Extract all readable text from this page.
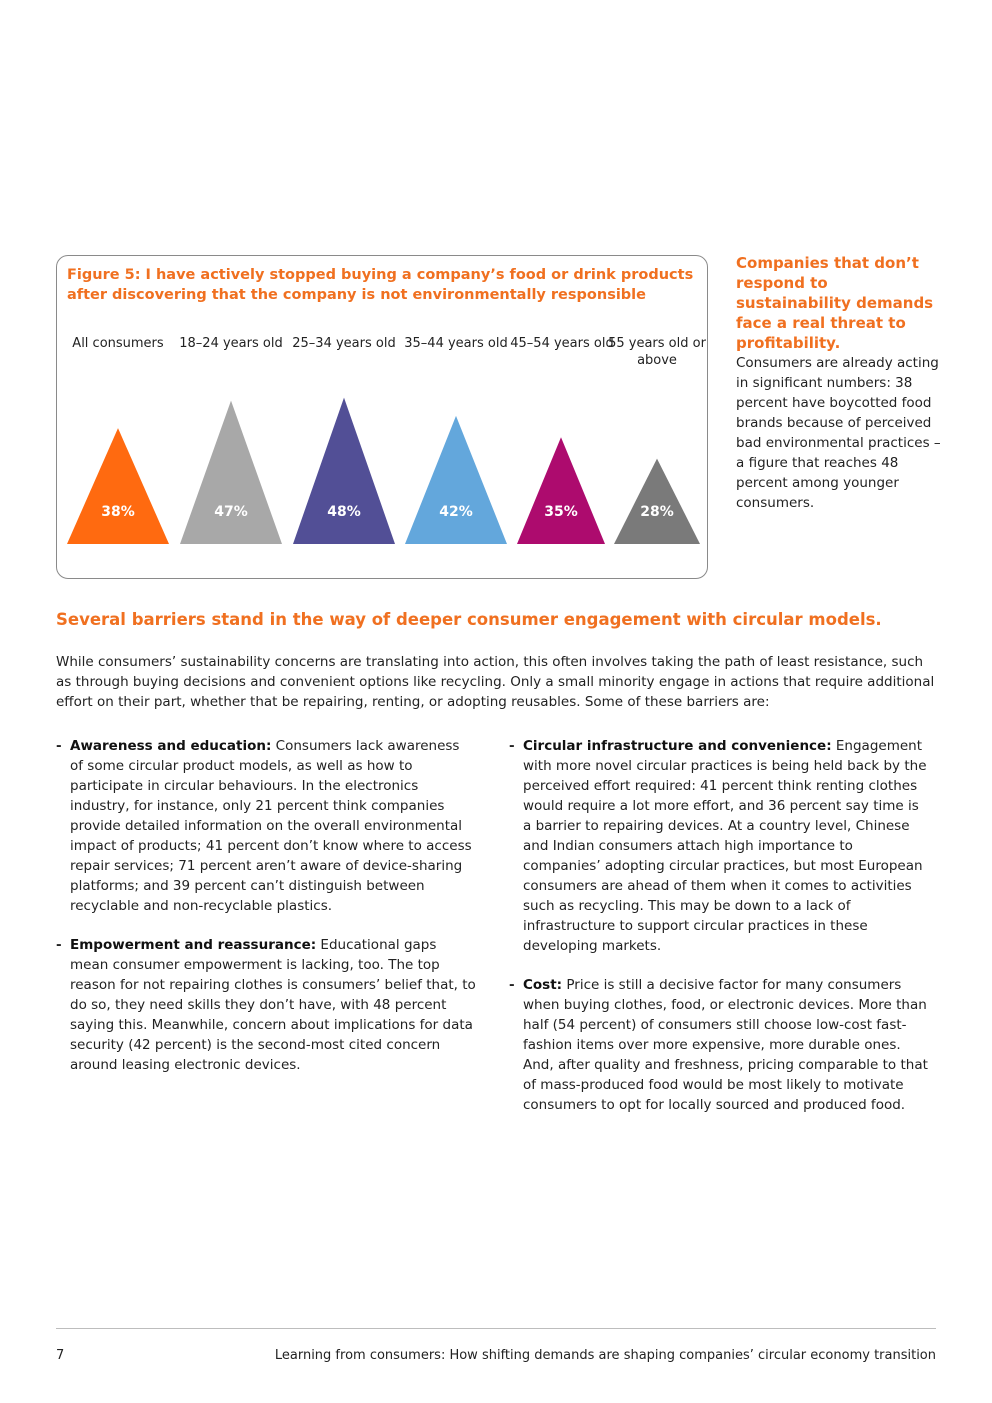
Figure 5: I have actively stopped buying a company’s food or drink products after discovering that the company is not environmentally responsible
All consumers	18–24 years old 25–34 years old 35–44 years old 45–54 years old
55 years old or above
38%	47%	48%	42%	35%	28%
Companies that don’t respond to sustainability demands face a real threat to profitability.
Consumers are already acting in significant numbers: 38 percent have boycotted food brands because of perceived bad environmental practices – a figure that reaches 48 percent among younger consumers.
Several barriers stand in the way of deeper consumer engagement with circular models.
While consumers’ sustainability concerns are translating into action, this often involves taking the path of least resistance, such as through buying decisions and convenient options like recycling. Only a small minority engage in actions that require additional effort on their part, whether that be repairing, renting, or adopting reusables. Some of these barriers are:
- Awareness and education: Consumers lack awareness of some circular product models, as well as how to participate in circular behaviours. In the electronics industry, for instance, only 21 percent think companies provide detailed information on the overall environmental impact of products; 41 percent don’t know where to access repair services; 71 percent aren’t aware of device-sharing platforms; and 39 percent can’t distinguish between recyclable and non-recyclable plastics.
- Empowerment and reassurance: Educational gaps mean consumer empowerment is lacking, too. The top reason for not repairing clothes is consumers’ belief that, to do so, they need skills they don’t have, with 48 percent saying this. Meanwhile, concern about implications for data security (42 percent) is the second-most cited concern around leasing electronic devices.
- Circular infrastructure and convenience: Engagement with more novel circular practices is being held back by the perceived effort required: 41 percent think renting clothes would require a lot more effort, and 36 percent say time is a barrier to repairing devices. At a country level, Chinese and Indian consumers attach high importance to companies’ adopting circular practices, but most European consumers are ahead of them when it comes to activities such as recycling. This may be down to a lack of infrastructure to support circular practices in these developing markets.
- Cost: Price is still a decisive factor for many consumers when buying clothes, food, or electronic devices. More than half (54 percent) of consumers still choose low-cost fast-fashion items over more expensive, more durable ones. And, after quality and freshness, pricing comparable to that of mass-produced food would be most likely to motivate consumers to opt for locally sourced and produced food.
7	Learning from consumers: How shifting demands are shaping companies’ circular economy transition
